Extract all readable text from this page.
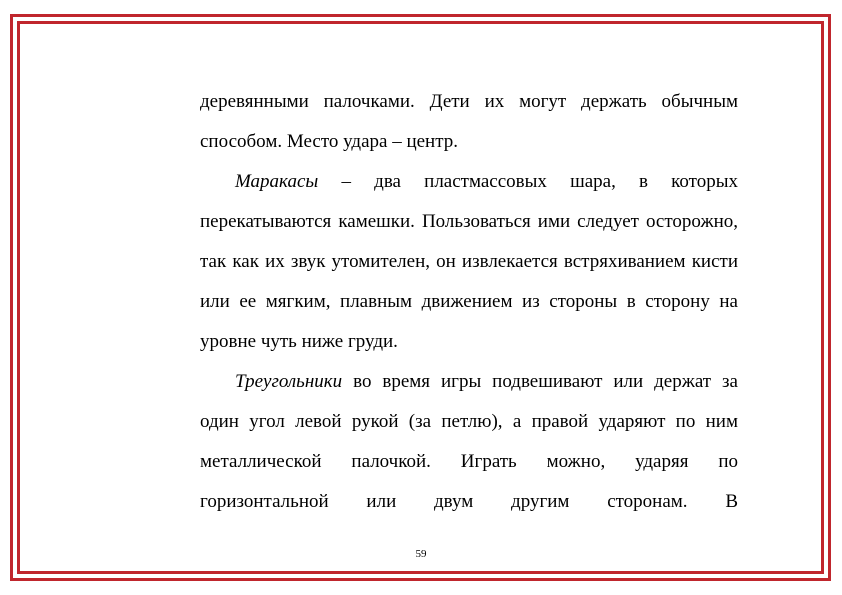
деревянными палочками. Дети их могут держать обычным способом. Место удара – центр.

Маракасы – два пластмассовых шара, в которых перекатываются камешки. Пользоваться ими следует осторожно, так как их звук утомителен, он извлекается встряхиванием кисти или ее мягким, плавным движением из стороны в сторону на уровне чуть ниже груди.

Треугольники во время игры подвешивают или держат за один угол левой рукой (за петлю), а правой ударяют по ним металлической палочкой. Играть можно, ударяя по горизонтальной или двум другим сторонам. В

59
